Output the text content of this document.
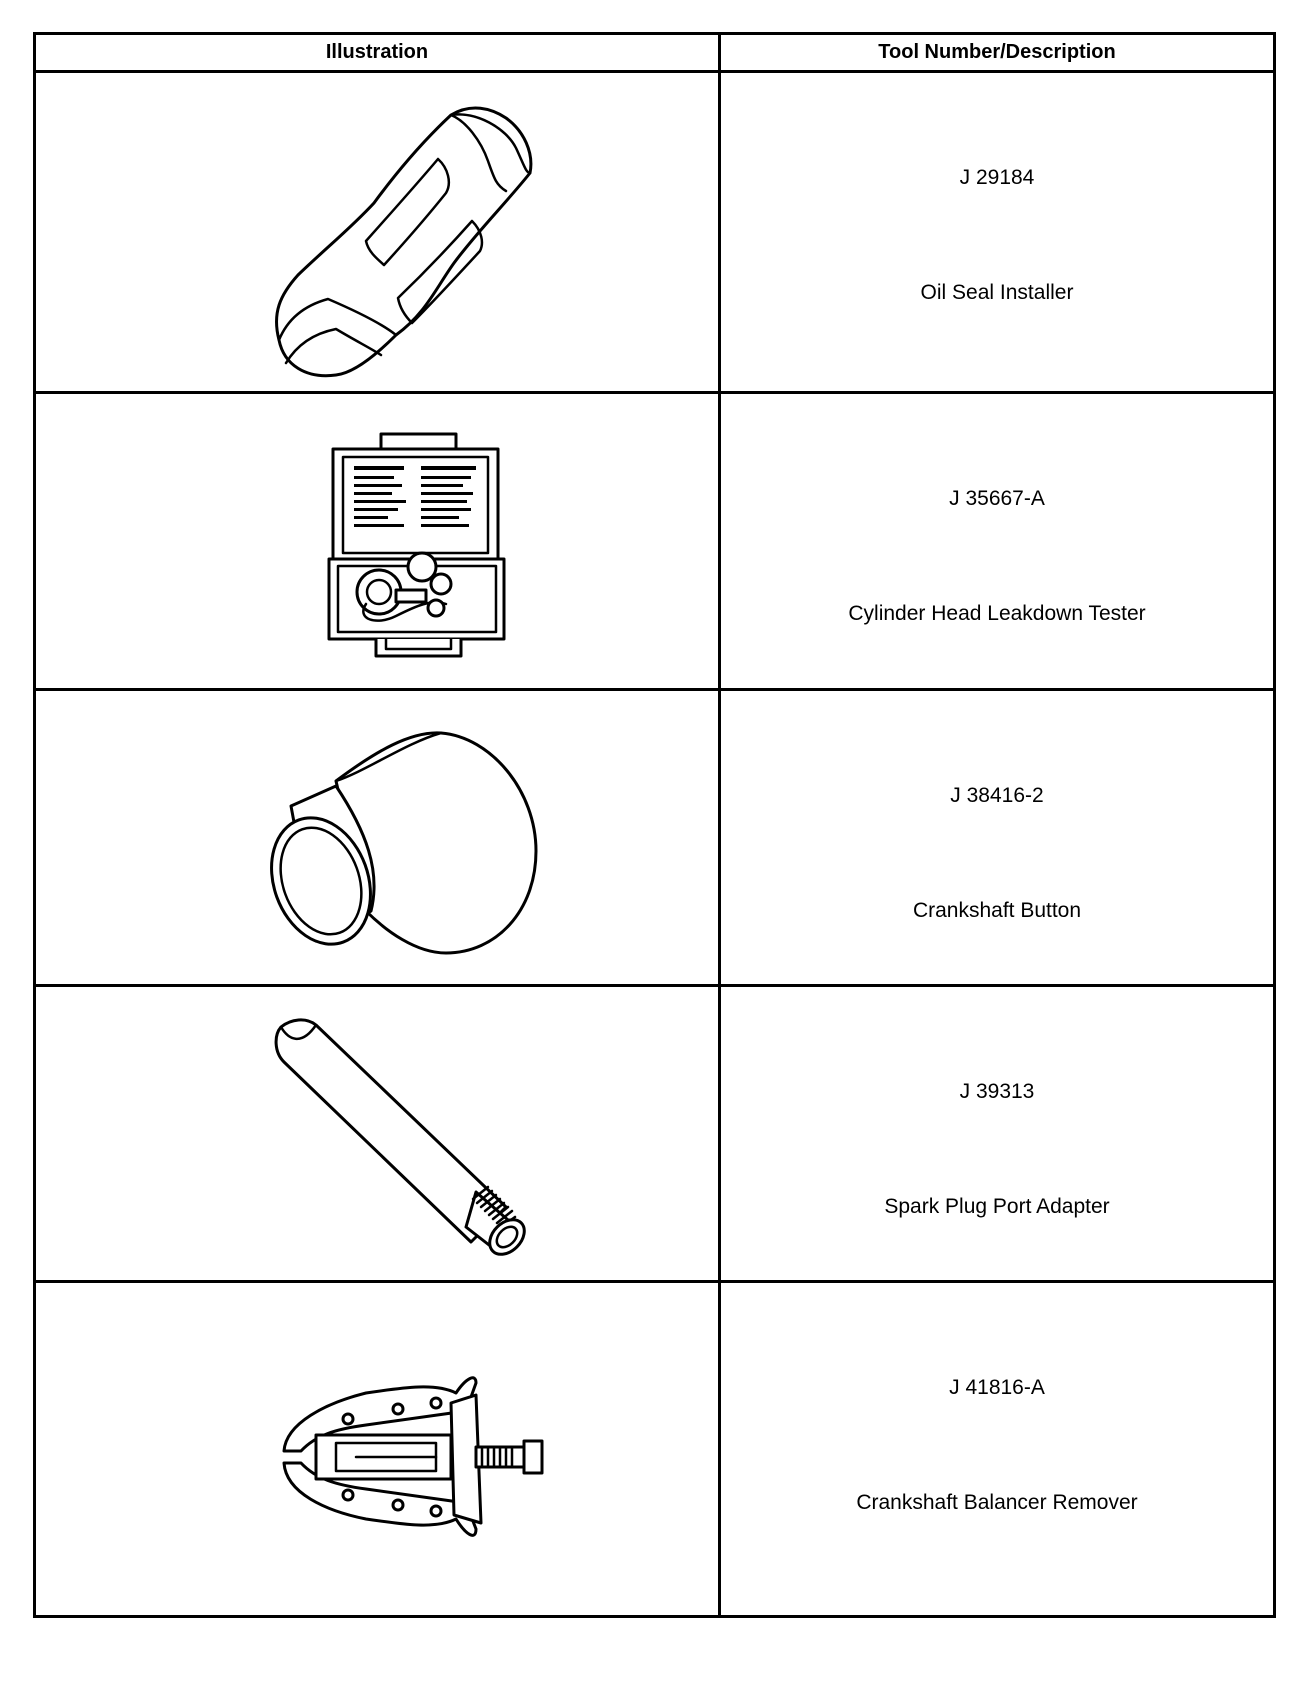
Illustration	Tool Number/Description
J 29184
Oil Seal Installer
J 35667-A
Cylinder Head Leakdown Tester
J 38416-2
Crankshaft Button
J 39313
Spark Plug Port Adapter
J 41816-A
Crankshaft Balancer Remover
